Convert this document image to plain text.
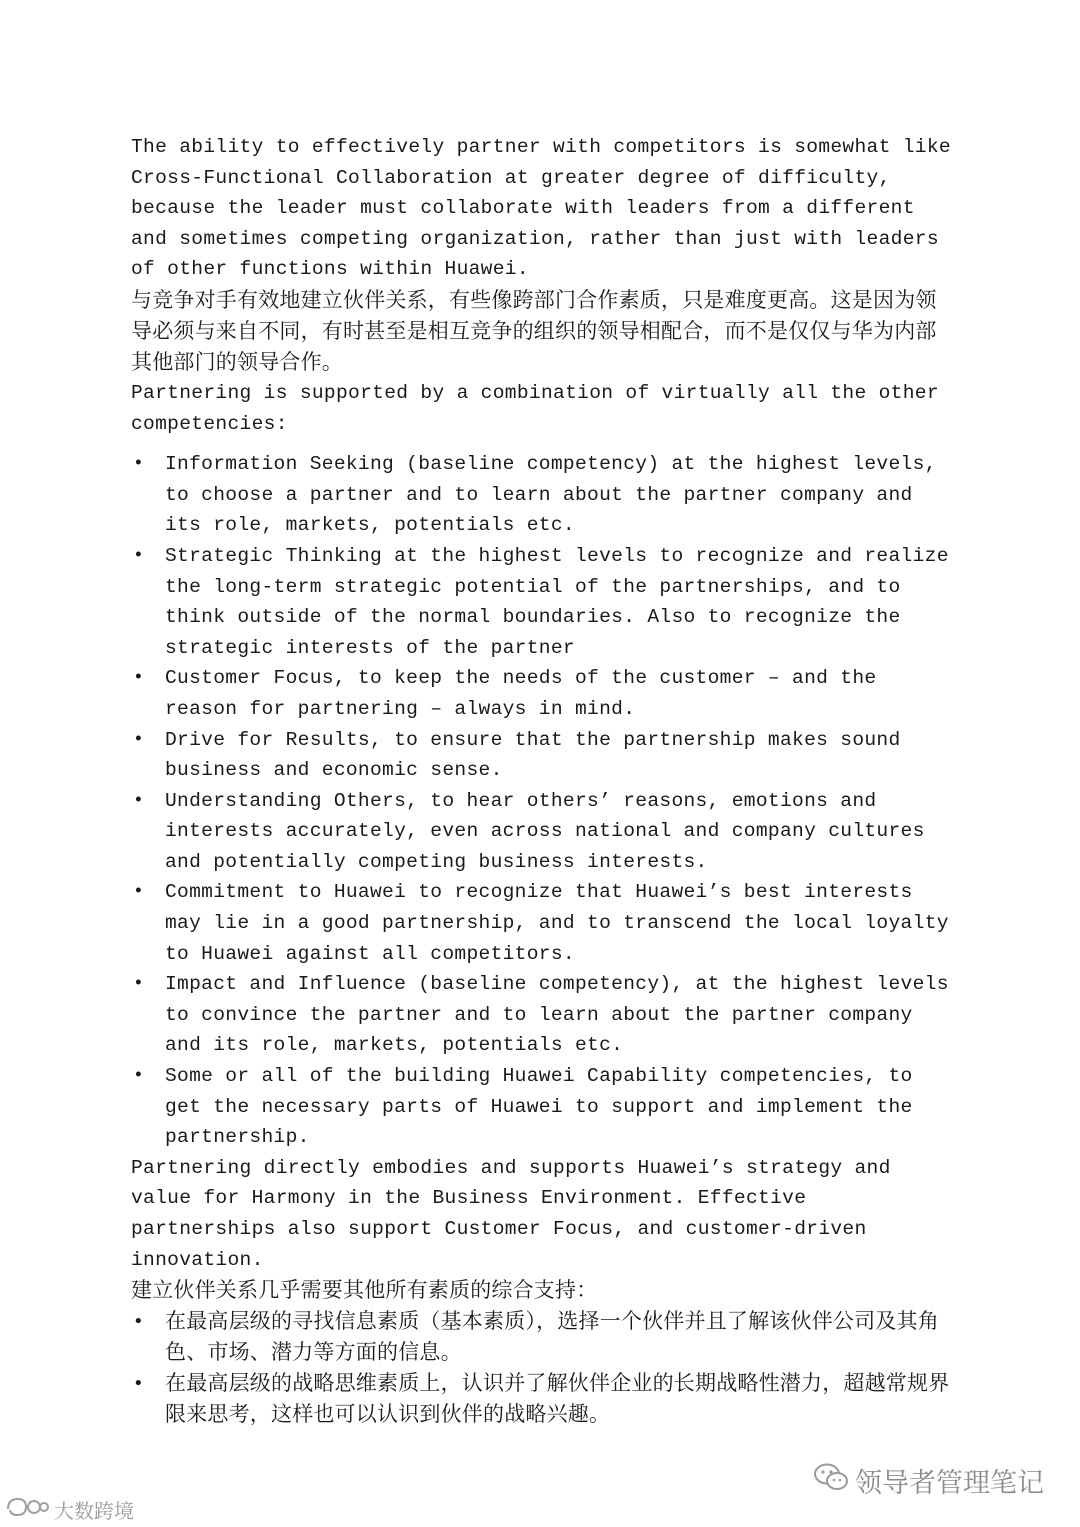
The ability to effectively partner with competitors is somewhat like Cross-Functional Collaboration at greater degree of difficulty, because the leader must collaborate with leaders from a different and sometimes competing organization, rather than just with leaders of other functions within Huawei.

与竞争对手有效地建立伙伴关系，有些像跨部门合作素质，只是难度更高。这是因为领导必须与来自不同，有时甚至是相互竞争的组织的领导相配合，而不是仅仅与华为内部其他部门的领导合作。

Partnering is supported by a combination of virtually all the other competencies:

• Information Seeking (baseline competency) at the highest levels, to choose a partner and to learn about the partner company and its role, markets, potentials etc.
• Strategic Thinking at the highest levels to recognize and realize the long-term strategic potential of the partnerships, and to think outside of the normal boundaries. Also to recognize the strategic interests of the partner
• Customer Focus, to keep the needs of the customer – and the reason for partnering – always in mind.
• Drive for Results, to ensure that the partnership makes sound business and economic sense.
• Understanding Others, to hear others’ reasons, emotions and interests accurately, even across national and company cultures and potentially competing business interests.
• Commitment to Huawei to recognize that Huawei’s best interests may lie in a good partnership, and to transcend the local loyalty to Huawei against all competitors.
• Impact and Influence (baseline competency), at the highest levels to convince the partner and to learn about the partner company and its role, markets, potentials etc.
• Some or all of the building Huawei Capability competencies, to get the necessary parts of Huawei to support and implement the partnership.

Partnering directly embodies and supports Huawei’s strategy and value for Harmony in the Business Environment. Effective partnerships also support Customer Focus, and customer-driven innovation.

建立伙伴关系几乎需要其他所有素质的综合支持：

• 在最高层级的寻找信息素质（基本素质），选择一个伙伴并且了解该伙伴公司及其角色、市场、潜力等方面的信息。
• 在最高层级的战略思维素质上，认识并了解伙伴企业的长期战略性潜力，超越常规界限来思考，这样也可以认识到伙伴的战略兴趣。
领导者管理笔记
大数跨境
